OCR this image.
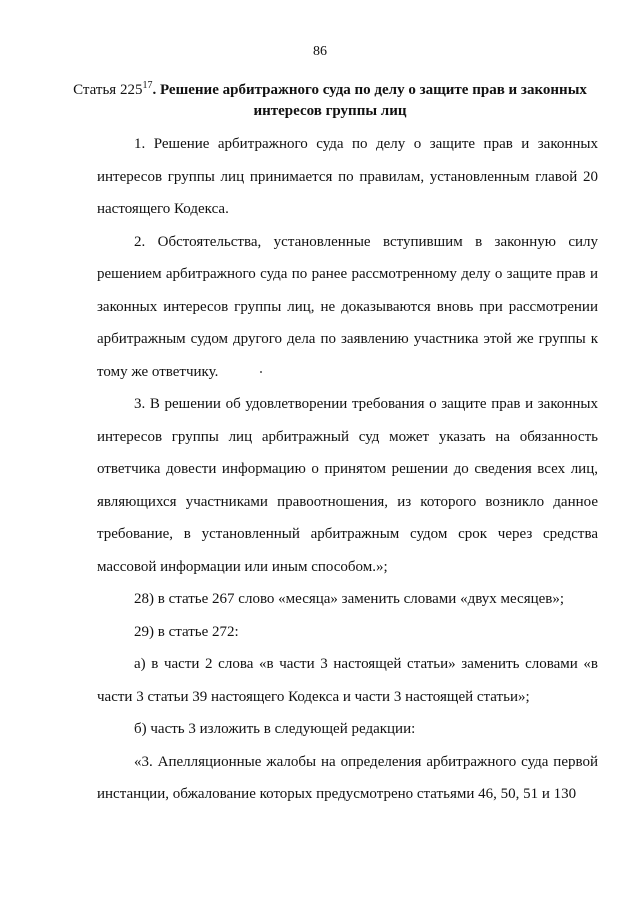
86
Статья $225^{17}$. Решение арбитражного суда по делу о защите прав и законных интересов группы лиц

1. Решение арбитражного суда по делу о защите прав и законных интересов группы лиц принимается по правилам, установленным главой 20 настоящего Кодекса.

2. Обстоятельства, установленные вступившим в законную силу решением арбитражного суда по ранее рассмотренному делу о защите прав и законных интересов группы лиц, не доказываются вновь при рассмотрении арбитражным судом другого дела по заявлению участника этой же группы к тому же ответчику.

3. В решении об удовлетворении требования о защите прав и законных интересов группы лиц арбитражный суд может указать на обязанность ответчика довести информацию о принятом решении до сведения всех лиц, являющихся участниками правоотношения, из которого возникло данное требование, в установленный арбитражным судом срок через средства массовой информации или иным способом.»;

28) в статье 267 слово «месяца» заменить словами «двух месяцев»;

29) в статье 272:

а) в части 2 слова «в части 3 настоящей статьи» заменить словами «в части 3 статьи 39 настоящего Кодекса и части 3 настоящей статьи»;

б) часть 3 изложить в следующей редакции:

«3. Апелляционные жалобы на определения арбитражного суда первой инстанции, обжалование которых предусмотрено статьями 46, 50, 51 и 130
